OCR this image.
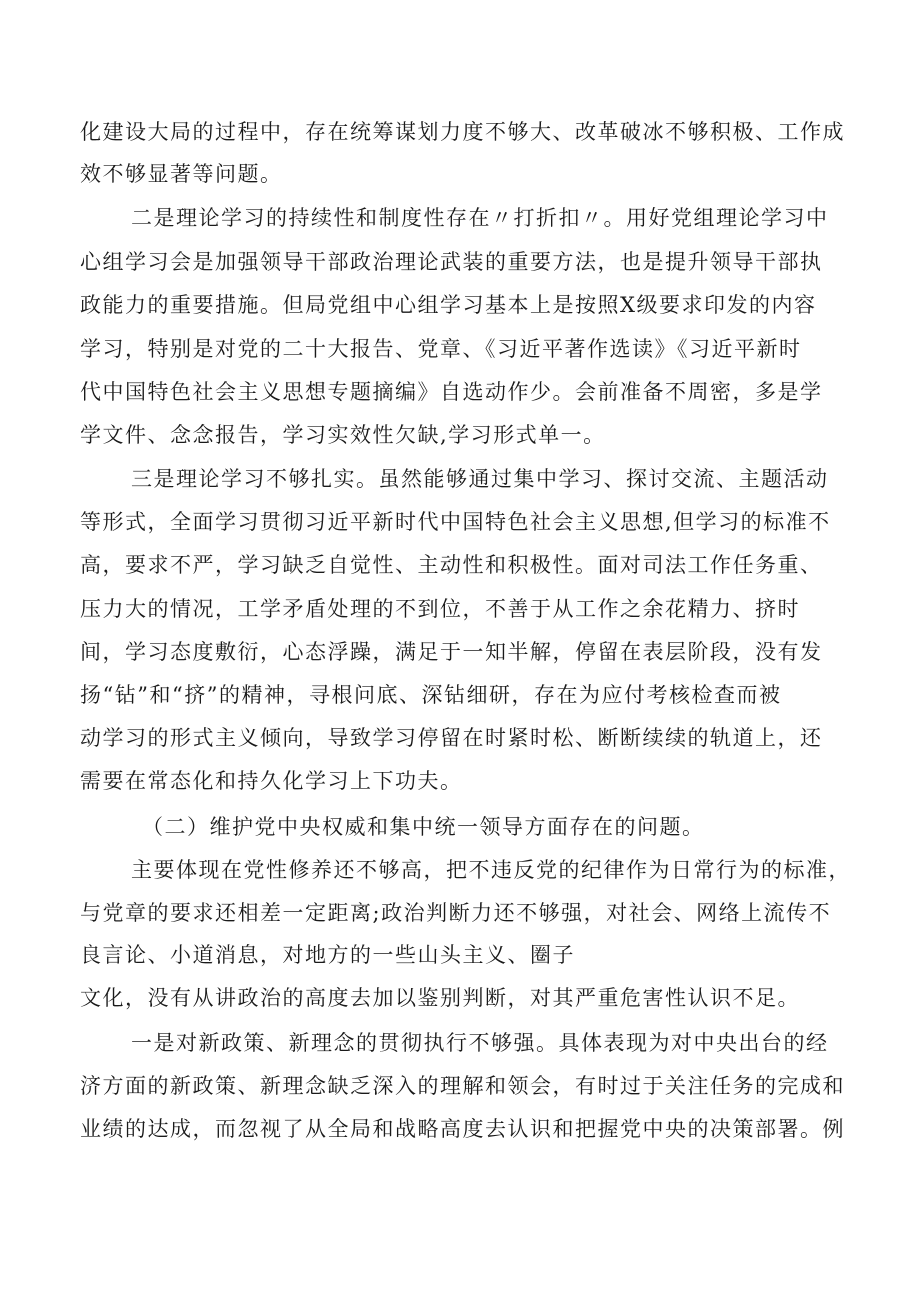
化建设大局的过程中，存在统筹谋划力度不够大、改革破冰不够积极、工作成
效不够显著等问题。
二是理论学习的持续性和制度性存在〃打折扣〃。用好党组理论学习中
心组学习会是加强领导干部政治理论武装的重要方法，也是提升领导干部执
政能力的重要措施。但局党组中心组学习基本上是按照X级要求印发的内容
学习，特别是对党的二十大报告、党章、《习近平著作选读》《习近平新时
代中国特色社会主义思想专题摘编》自选动作少。会前准备不周密，多是学
学文件、念念报告，学习实效性欠缺,学习形式单一。
三是理论学习不够扎实。虽然能够通过集中学习、探讨交流、主题活动
等形式，全面学习贯彻习近平新时代中国特色社会主义思想,但学习的标准不
高，要求不严，学习缺乏自觉性、主动性和积极性。面对司法工作任务重、
压力大的情况，工学矛盾处理的不到位，不善于从工作之余花精力、挤时
间，学习态度敷衍，心态浮躁，满足于一知半解，停留在表层阶段，没有发
扬“钻”和“挤”的精神，寻根问底、深钻细研，存在为应付考核检查而被
动学习的形式主义倾向，导致学习停留在时紧时松、断断续续的轨道上，还
需要在常态化和持久化学习上下功夫。
（二）维护党中央权威和集中统一领导方面存在的问题。
主要体现在党性修养还不够高，把不违反党的纪律作为日常行为的标准，
与党章的要求还相差一定距离;政治判断力还不够强，对社会、网络上流传不
良言论、小道消息，对地方的一些山头主义、圈子
文化，没有从讲政治的高度去加以鉴别判断，对其严重危害性认识不足。
一是对新政策、新理念的贯彻执行不够强。具体表现为对中央出台的经
济方面的新政策、新理念缺乏深入的理解和领会，有时过于关注任务的完成和
业绩的达成，而忽视了从全局和战略高度去认识和把握党中央的决策部署。例
